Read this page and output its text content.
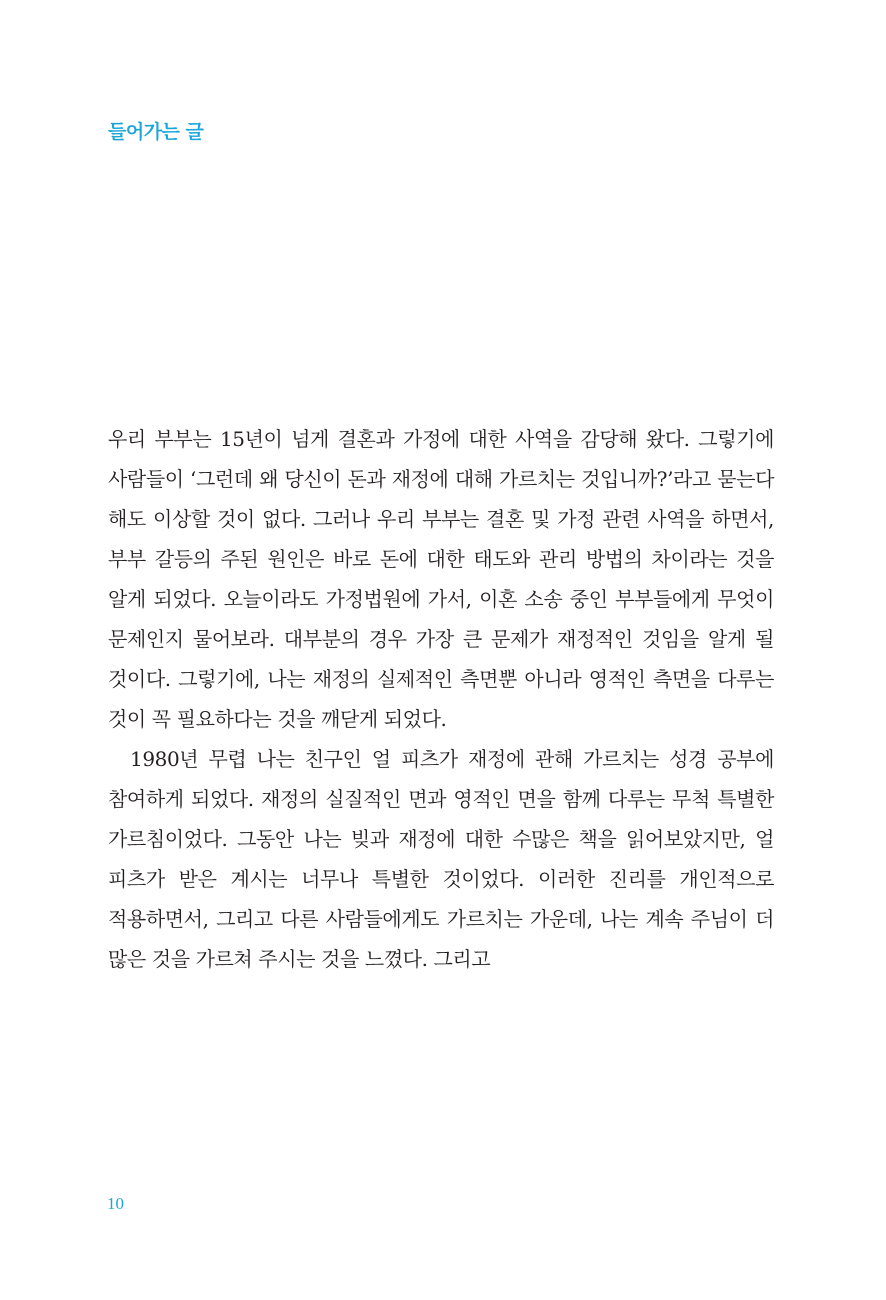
들어가는 글

우리 부부는 15년이 넘게 결혼과 가정에 대한 사역을 감당해 왔다. 그렇기에 사람들이 ‘그런데 왜 당신이 돈과 재정에 대해 가르치는 것입니까?’라고 묻는다 해도 이상할 것이 없다. 그러나 우리 부부는 결혼 및 가정 관련 사역을 하면서, 부부 갈등의 주된 원인은 바로 돈에 대한 태도와 관리 방법의 차이라는 것을 알게 되었다. 오늘이라도 가정법원에 가서, 이혼 소송 중인 부부들에게 무엇이 문제인지 물어보라. 대부분의 경우 가장 큰 문제가 재정적인 것임을 알게 될 것이다. 그렇기에, 나는 재정의 실제적인 측면뿐 아니라 영적인 측면을 다루는 것이 꼭 필요하다는 것을 깨닫게 되었다.

1980년 무렵 나는 친구인 얼 피츠가 재정에 관해 가르치는 성경 공부에 참여하게 되었다. 재정의 실질적인 면과 영적인 면을 함께 다루는 무척 특별한 가르침이었다. 그동안 나는 빚과 재정에 대한 수많은 책을 읽어보았지만, 얼 피츠가 받은 계시는 너무나 특별한 것이었다. 이러한 진리를 개인적으로 적용하면서, 그리고 다른 사람들에게도 가르치는 가운데, 나는 계속 주님이 더 많은 것을 가르쳐 주시는 것을 느꼈다. 그리고

10
